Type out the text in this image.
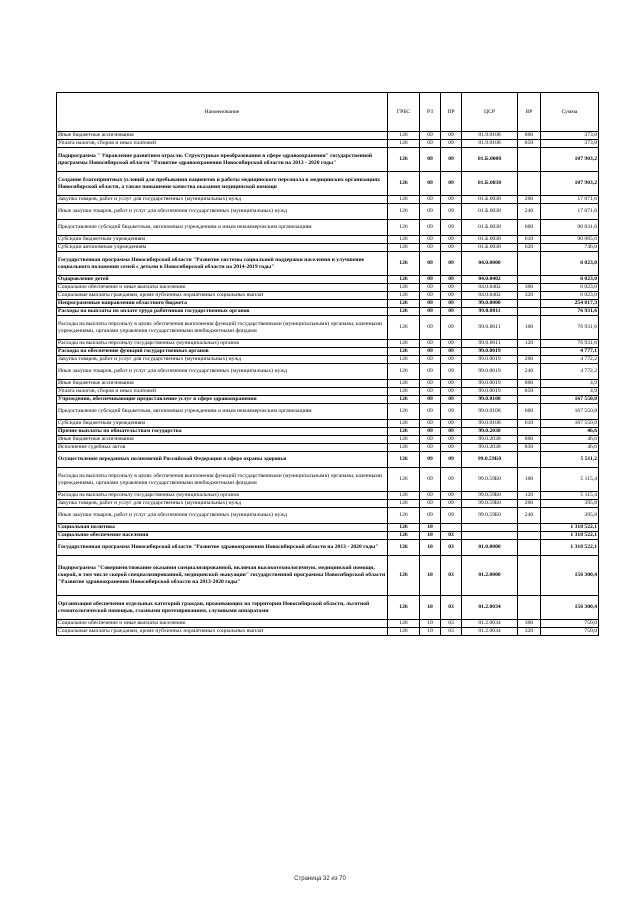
Наименование	ГРБС	РЗ	ПР	ЦСР	ВР	Сумма
Иные бюджетные ассигнования	126	09	09	01.9.0108	800	373,8
Уплата налогов, сборов и иных платежей	126	09	09	01.9.0108	850	373,8
Подпрограмма " Управление развитием отрасли. Структурные преобразования в сфере здравоохранения" государственной программы Новосибирской области "Развитие здравоохранения Новосибирской области на 2013 - 2020 годы"	126	09	09	01.Б.0000		107 903,2
Создание благоприятных условий для пребывания пациентов и работы медицинского персонала в медицинских организациях Новосибирской области, а также повышение качества оказания медицинской помощи	126	09	09	01.Б.0038		107 903,2
Закупка товаров, работ и услуг для государственных (муниципальных) нужд	126	09	09	01.Б.0038	200	17 071,6
Иные закупки товаров, работ и услуг для обеспечения государственных (муниципальных) нужд	126	09	09	01.Б.0038	240	17 071,6
Предоставление субсидий бюджетным, автономным учреждениям и иным некоммерческим организациям	126	09	09	01.Б.0038	600	90 831,6
Субсидии бюджетным учреждениям	126	09	09	01.Б.0038	610	90 085,6
Субсидии автономным учреждениям	126	09	09	01.Б.0038	620	746,0
Государственная программа Новосибирской области "Развитие системы социальной поддержки населения и улучшение социального положения семей с детьми в Новосибирской области на 2014-2019 годы"	126	09	09	04.0.0000		6 023,0
Оздоровление детей	126	09	09	04.0.0402		6 023,0
Социальное обеспечение и иные выплаты населению	126	09	09	04.0.0402	300	6 023,0
Социальные выплаты гражданам, кроме публичных нормативных социальных выплат	126	09	09	04.0.0402	320	6 023,0
Непрограммные направления областного бюджета	126	09	09	99.0.0000		254 817,3
Расходы на выплаты по оплате труда работников государственных органов	126	09	09	99.0.0011		76 931,6
Расходы на выплаты персоналу в целях обеспечения выполнения функций государственными (муниципальными) органами, казенными учреждениями, органами управления государственными внебюджетными фондами	126	09	09	99.0.0011	100	76 931,6
Расходы на выплаты персоналу государственных (муниципальных) органов	126	09	09	99.0.0011	120	76 931,6
Расходы на обеспечение функций государственных органов	126	09	09	99.0.0019		4 777,1
Закупка товаров, работ и услуг для государственных (муниципальных) нужд	126	09	09	99.0.0019	200	4 772,2
Иные закупки товаров, работ и услуг для обеспечения государственных (муниципальных) нужд	126	09	09	99.0.0019	240	4 772,2
Иные бюджетные ассигнования	126	09	09	99.0.0019	800	4,9
Уплата налогов, сборов и иных платежей	126	09	09	99.0.0019	850	4,9
Учреждения, обеспечивающие предоставление услуг в сфере здравоохранения	126	09	09	99.0.0108		167 550,8
Предоставление субсидий бюджетным, автономным учреждениям и иным некоммерческим организациям	126	09	09	99.0.0108	600	167 550,8
Субсидии бюджетным учреждениям	126	09	09	99.0.0108	610	167 550,8
Прочие выплаты по обязательствам государства	126	09	09	99.0.2038		46,6
Иные бюджетные ассигнования	126	09	09	99.0.2038	800	46,6
Исполнение судебных актов	126	09	09	99.0.2038	830	46,6
Осуществление переданных полномочий Российской Федерации в сфере охраны здоровья	126	09	09	99.0.59Б0		5 511,2
Расходы на выплаты персоналу в целях обеспечения выполнения функций государственными (муниципальными) органами, казенными учреждениями, органами управления государственными внебюджетными фондами	126	09	09	99.0.59Б0	100	5 115,4
Расходы на выплаты персоналу государственных (муниципальных) органов	126	09	09	99.0.59Б0	120	5 115,4
Закупка товаров, работ и услуг для государственных (муниципальных) нужд	126	09	09	99.0.59Б0	200	395,8
Иные закупки товаров, работ и услуг для обеспечения государственных (муниципальных) нужд	126	09	09	99.0.59Б0	240	395,8
Социальная политика	126	10				1 318 522,1
Социальное обеспечение населения	126	10	03			1 318 522,1
Государственная программа Новосибирской области "Развитие здравоохранения Новосибирской области на 2013 - 2020 годы"	126	10	03	01.0.0000		1 318 522,1
Подпрограмма "Совершенствование оказания специализированной, включая высокотехнологичную, медицинской помощи, скорой, в том числе скорой специализированной, медицинской эвакуации" государственной программы Новосибирской области "Развитие здравоохранения Новосибирской области на 2013-2020 годы"	126	10	03	01.2.0000		156 300,4
Организация обеспечения отдельных категорий граждан, проживающих на территории Новосибирской области, льготной стоматологической помощью, глазными протезированием, слуховыми аппаратами	126	10	03	01.2.0034		156 300,4
Социальное обеспечение и иные выплаты населению	126	10	03	01.2.0034	300	750,0
Социальные выплаты гражданам, кроме публичных нормативных социальных выплат	126	10	03	01.2.0034	320	750,0
Страница 32 из 70
